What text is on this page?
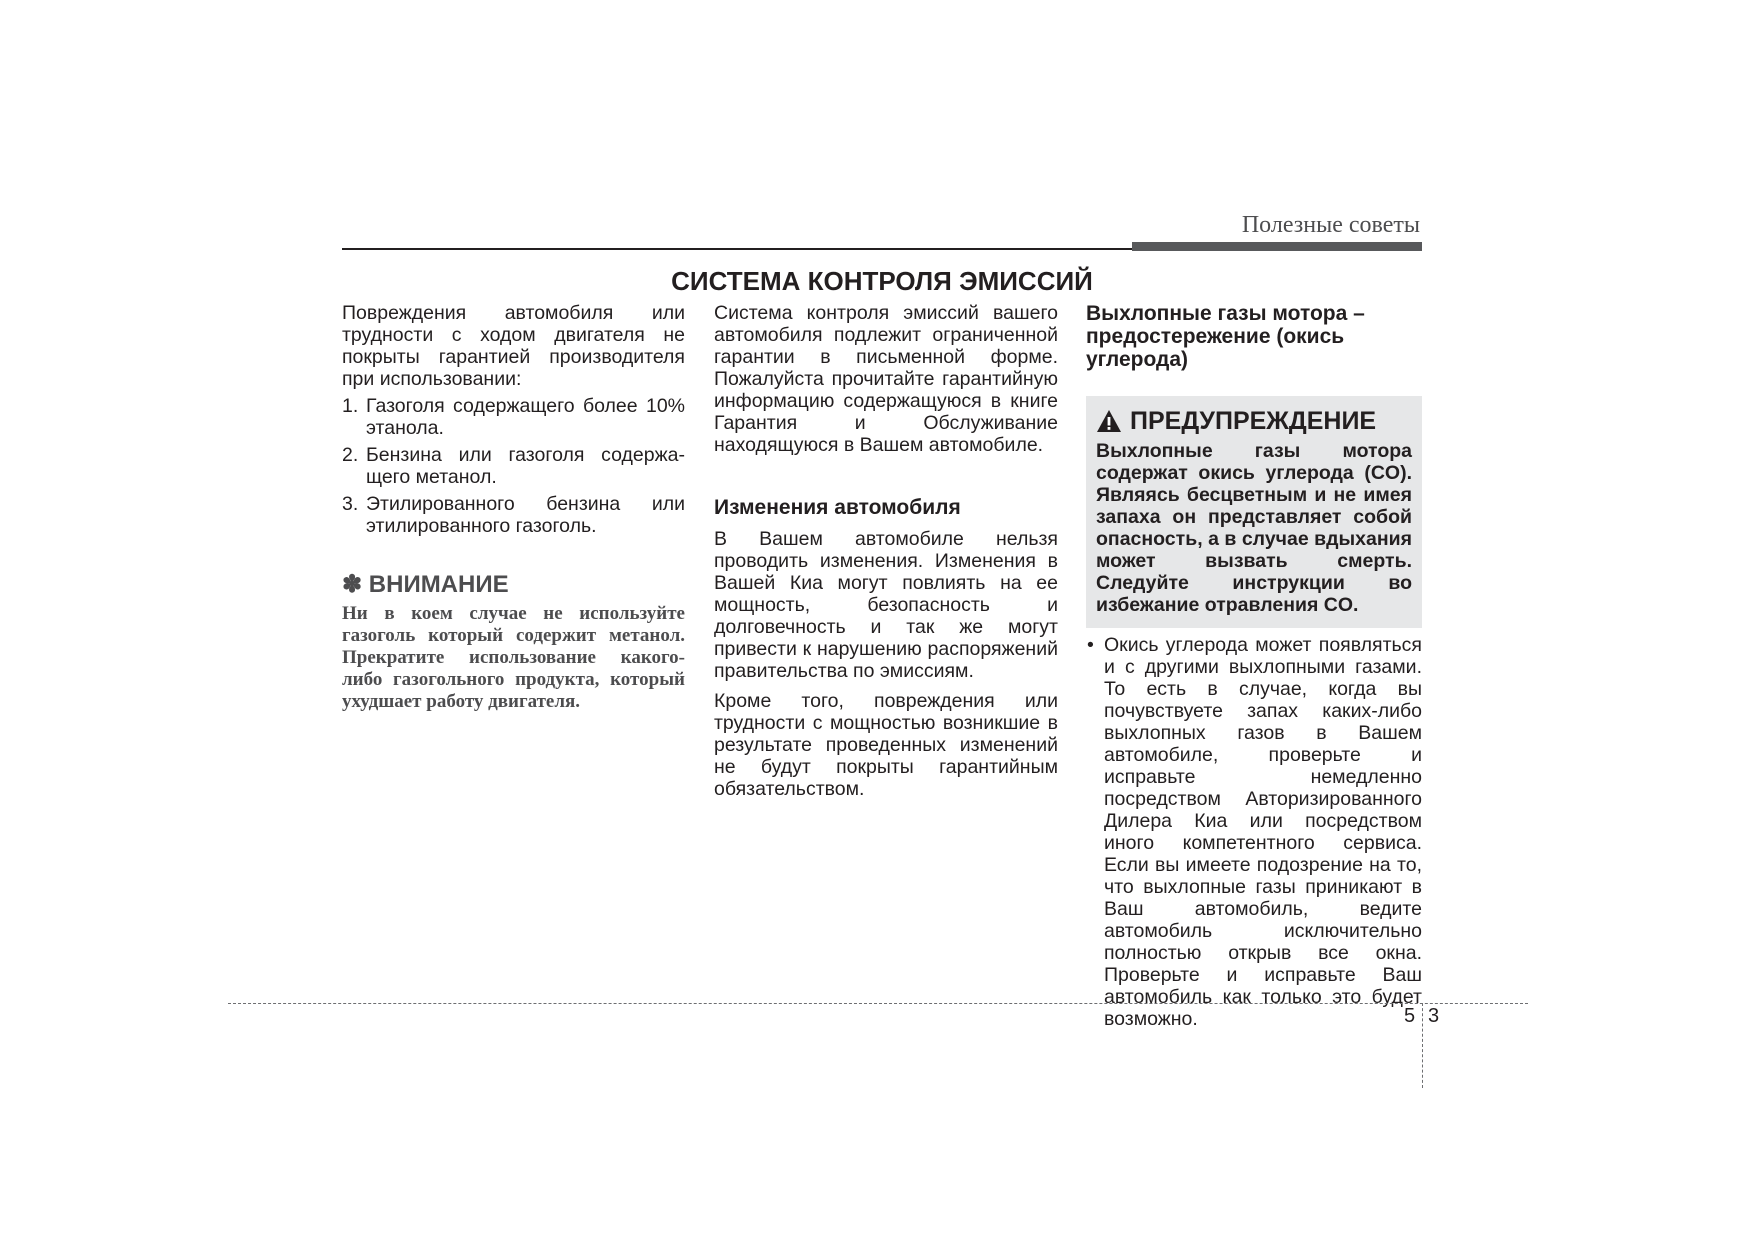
Полезные советы
СИСТЕМА КОНТРОЛЯ ЭМИССИЙ

Повреждения автомобиля или трудности с ходом двигателя не покрыты гарантией производителя при использовании:

1. Газоголя содержащего более 10% этанола.
2. Бензина или газоголя содержа-щего метанол.
3. Этилированного бензина или этилированного газоголь.
✽ ВНИМАНИЕ
Ни в коем случае не используйте газоголь который содержит метанол. Прекратите использование какого-либо газогольного продукта, который ухудшает работу двигателя.

Система контроля эмиссий вашего автомобиля подлежит ограниченной гарантии в письменной форме. Пожалуйста прочитайте гарантийную информацию содержащуюся в книге Гарантия и Обслуживание находящуюся в Вашем автомобиле.

Изменения автомобиля

В Вашем автомобиле нельзя проводить изменения. Изменения в Вашей Киа могут повлиять на ее мощность, безопасность и долговечность и так же могут привести к нарушению распоряжений правительства по эмиссиям.

Кроме того, повреждения или трудности с мощностью возникшие в результате проведенных изменений не будут покрыты гарантийным обязательством.

Выхлопные газы мотора – предостережение (окись углерода)
ПРЕДУПРЕЖДЕНИЕ
Выхлопные газы мотора содержат окись углерода (CO). Являясь бесцветным и не имея запаха он представляет собой опасность, а в случае вдыхания может вызвать смерть. Следуйте инструкции во избежание отравления CO.
• Окись углерода может появляться и с другими выхлопными газами. То есть в случае, когда вы почувствуете запах каких-либо выхлопных газов в Вашем автомобиле, проверьте и исправьте немедленно посредством Авторизированного Дилера Киа или посредством иного компетентного сервиса. Если вы имеете подозрение на то, что выхлопные газы приникают в Ваш автомобиль, ведите автомобиль исключительно полностью открыв все окна. Проверьте и исправьте Ваш автомобиль как только это будет возможно.	5 3
